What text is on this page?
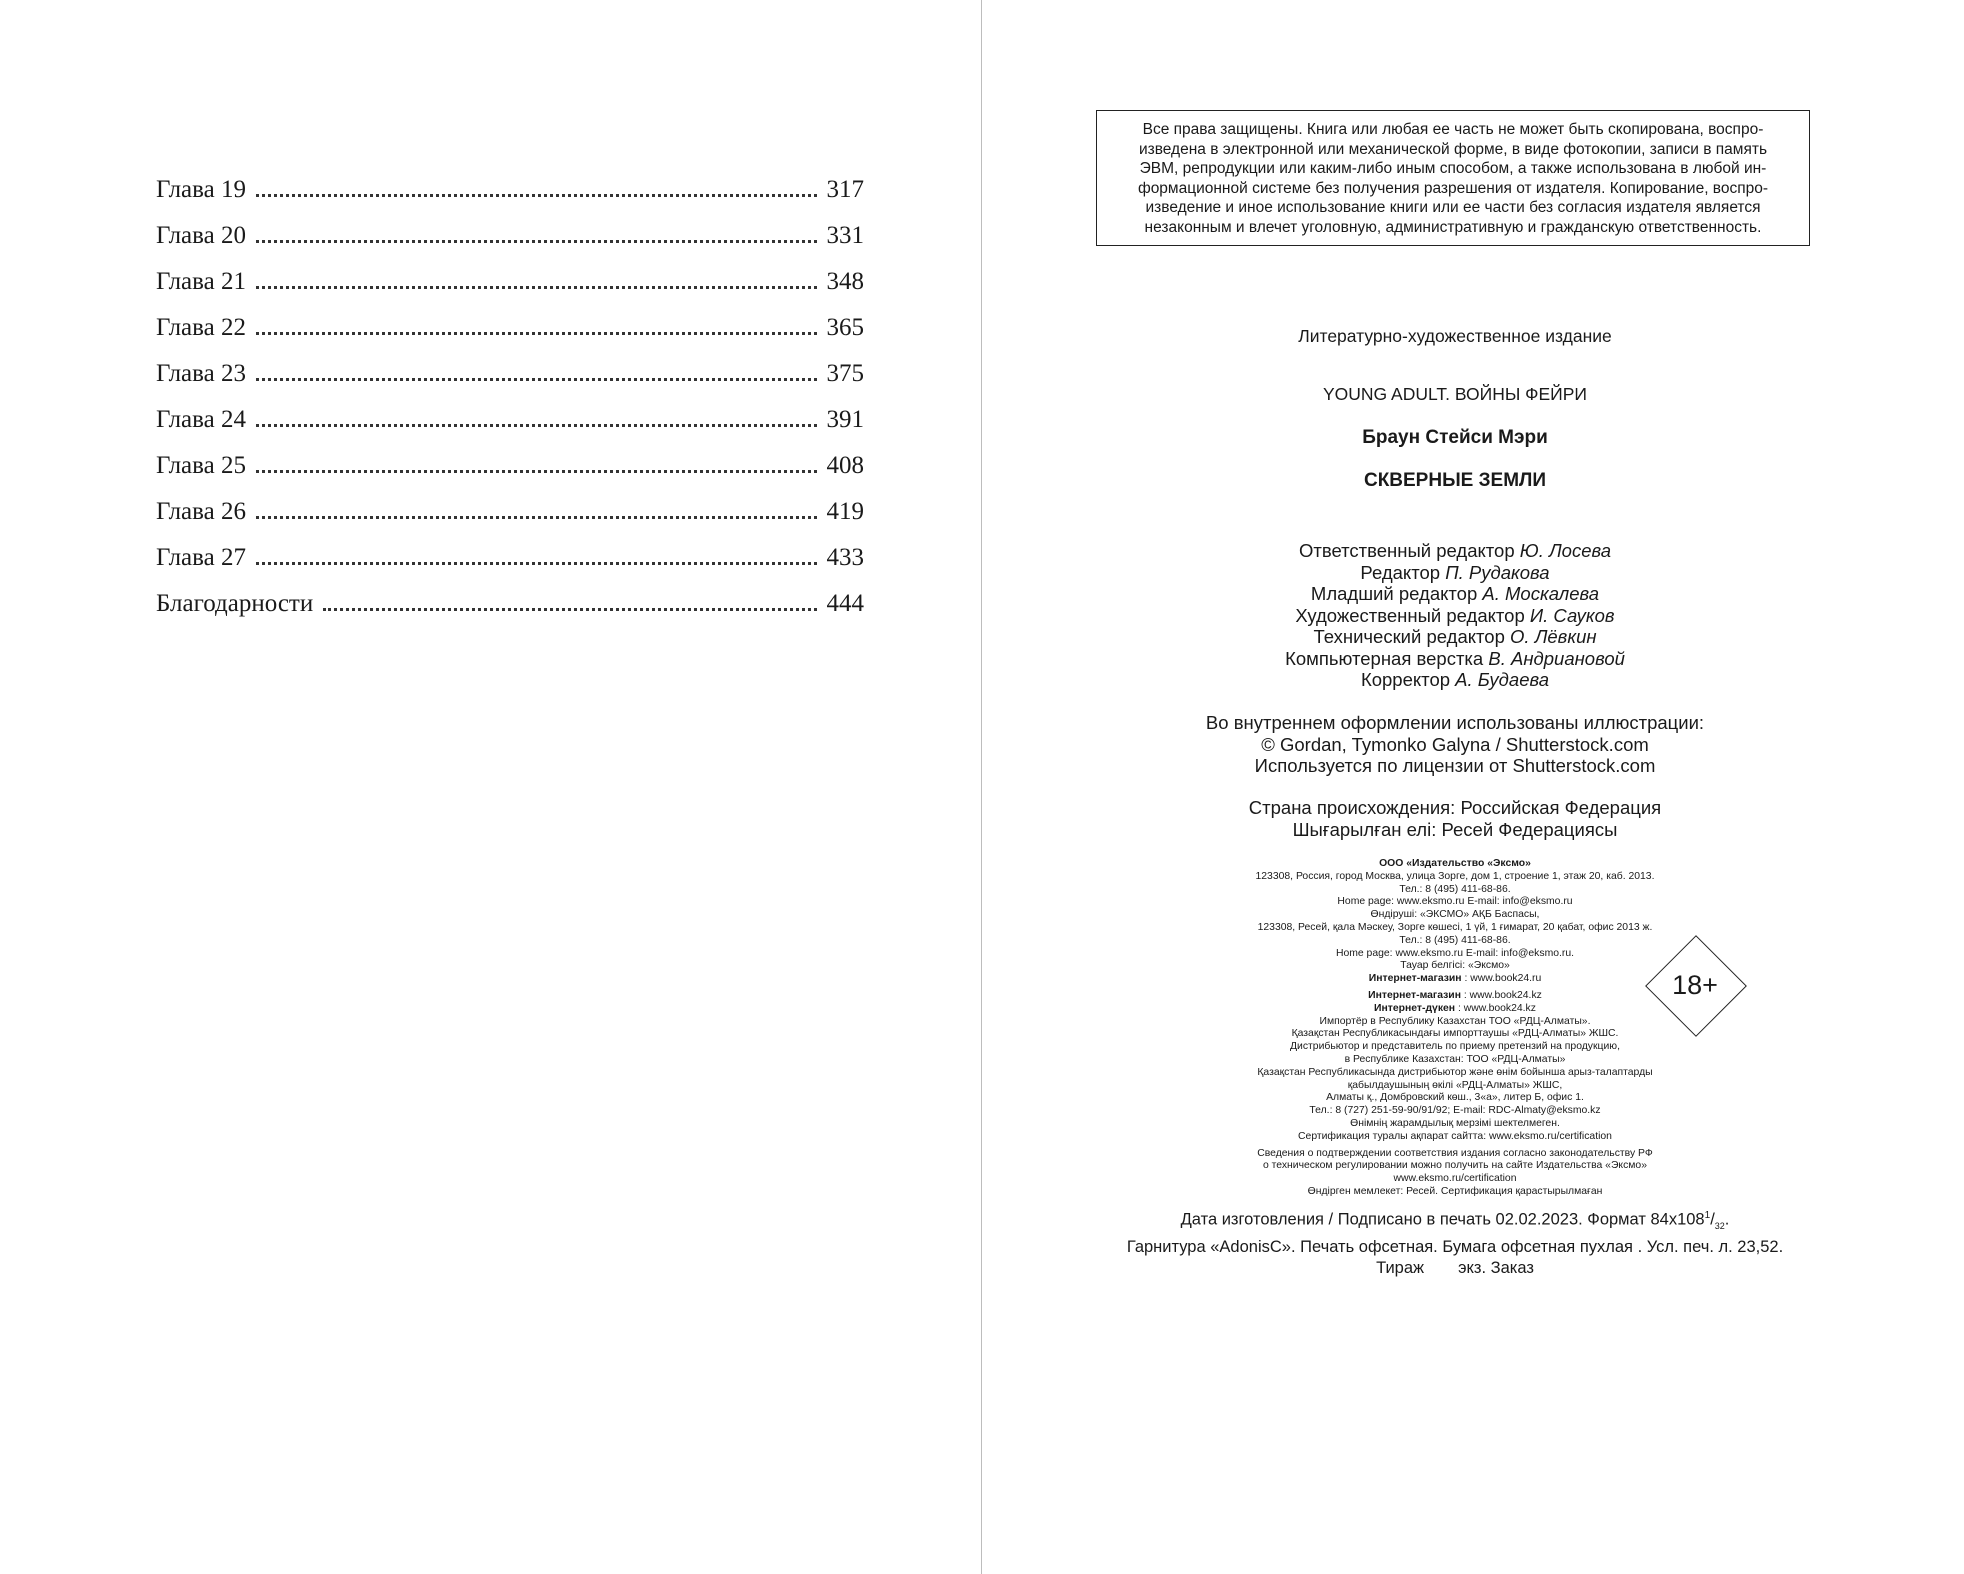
Глава 19	317
Глава 20	331
Глава 21	348
Глава 22	365
Глава 23	375
Глава 24	391
Глава 25	408
Глава 26	419
Глава 27	433
Благодарности	444
Все права защищены. Книга или любая ее часть не может быть скопирована, воспро-
изведена в электронной или механической форме, в виде фотокопии, записи в память
ЭВМ, репродукции или каким-либо иным способом, а также использована в любой ин-
формационной системе без получения разрешения от издателя. Копирование, воспро-
изведение и иное использование книги или ее части без согласия издателя является
незаконным и влечет уголовную, административную и гражданскую ответственность.
Литературно-художественное издание
YOUNG ADULT. ВОЙНЫ ФЕЙРИ
Браун Стейси Мэри
СКВЕРНЫЕ ЗЕМЛИ
Ответственный редактор Ю. Лосева
Редактор П. Рудакова
Младший редактор А. Москалева
Художественный редактор И. Сауков
Технический редактор О. Лёвкин
Компьютерная верстка В. Андриановой
Корректор А. Будаева
Во внутреннем оформлении использованы иллюстрации:
© Gordan, Tymonko Galyna / Shutterstock.com
Используется по лицензии от Shutterstock.com
Страна происхождения: Российская Федерация
Шығарылған елі: Ресей Федерациясы
ООО «Издательство «Эксмо»
123308, Россия, город Москва, улица Зорге, дом 1, строение 1, этаж 20, каб. 2013.
Тел.: 8 (495) 411-68-86.
Home page: www.eksmo.ru E-mail: info@eksmo.ru
Өндіруші: «ЭКСМО» АҚБ Баспасы,
123308, Ресей, қала Мәскеу, Зорге көшесі, 1 үй, 1 ғимарат, 20 қабат, офис 2013 ж.
Тел.: 8 (495) 411-68-86.
Home page: www.eksmo.ru E-mail: info@eksmo.ru.
Тауар белгісі: «Эксмо»
Интернет-магазин : www.book24.ru
Интернет-магазин : www.book24.kz
Интернет-дүкен : www.book24.kz
Импортёр в Республику Казахстан ТОО «РДЦ-Алматы».
Қазақстан Республикасындағы импорттаушы «РДЦ-Алматы» ЖШС.
Дистрибьютор и представитель по приему претензий на продукцию,
в Республике Казахстан: ТОО «РДЦ-Алматы»
Қазақстан Республикасында дистрибьютор және өнім бойынша арыз-талаптарды
қабылдаушының өкілі «РДЦ-Алматы» ЖШС,
Алматы қ., Домбровский көш., 3«а», литер Б, офис 1.
Тел.: 8 (727) 251-59-90/91/92; E-mail: RDC-Almaty@eksmo.kz
Өнімнің жарамдылық мерзімі шектелмеген.
Сертификация туралы ақпарат сайтта: www.eksmo.ru/certification
Сведения о подтверждении соответствия издания согласно законодательству РФ
о техническом регулировании можно получить на сайте Издательства «Эксмо»
www.eksmo.ru/certification
Өндірген мемлекет: Ресей. Сертификация қарастырылмаған
18+
Дата изготовления / Подписано в печать 02.02.2023. Формат $84x108^1/_{32}$.
Гарнитура «AdonisC». Печать офсетная. Бумага офсетная пухлая . Усл. печ. л. 23,52.
Тираж экз. Заказ
